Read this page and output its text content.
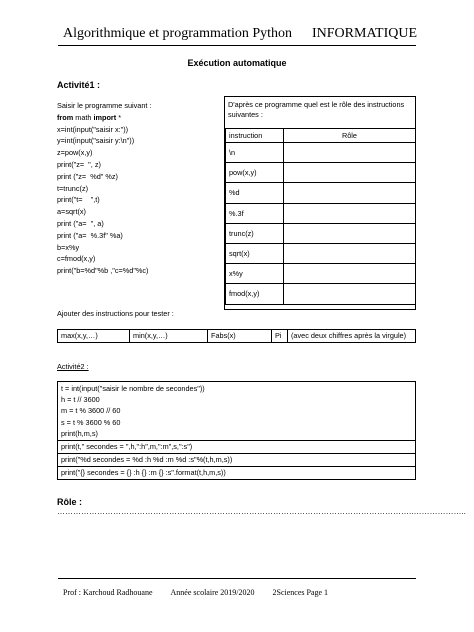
Algorithmique et programmation Python INFORMATIQUE
Exécution automatique
Activité1 :
Saisir le programme suivant :
from math import *
x=int(input("saisir x:"))
y=int(input("saisir y:\n"))
z=pow(x,y)
print("z=  ", z)
print ("z=  %d" %z)
t=trunc(z)
print("t=    ",t)
a=sqrt(x)
print ("a=  ", a)
print ("a=  %.3f" %a)
b=x%y
c=fmod(x,y)
print("b=%d"%b ,"c=%d"%c)
D'après ce programme quel est le rôle des instructions suivantes :
instruction	Rôle
\n	
pow(x,y)	
%d	
%.3f	
trunc(z)	
sqrt(x)	
x%y	
fmod(x,y)	
Ajouter des instructions pour tester :
max(x,y,…)	min(x,y,…)	Fabs(x)	Pi	(avec deux chiffres après la virgule)
Activité2 :
t = int(input("saisir le nombre de secondes"))
h = t // 3600
m = t % 3600 // 60
s = t % 3600 % 60
print(h,m,s)
print(t," secondes = ",h,":h",m,":m",s,":s")
print("%d secondes = %d :h %d :m %d :s"%(t,h,m,s))
print("{} secondes = {} :h {} :m {} :s".format(t,h,m,s))
Rôle : ……………………………………………………………………………………………………………………..………………..
Prof : Karchoud Radhouane Année scolaire 2019/2020 2Sciences Page 1
